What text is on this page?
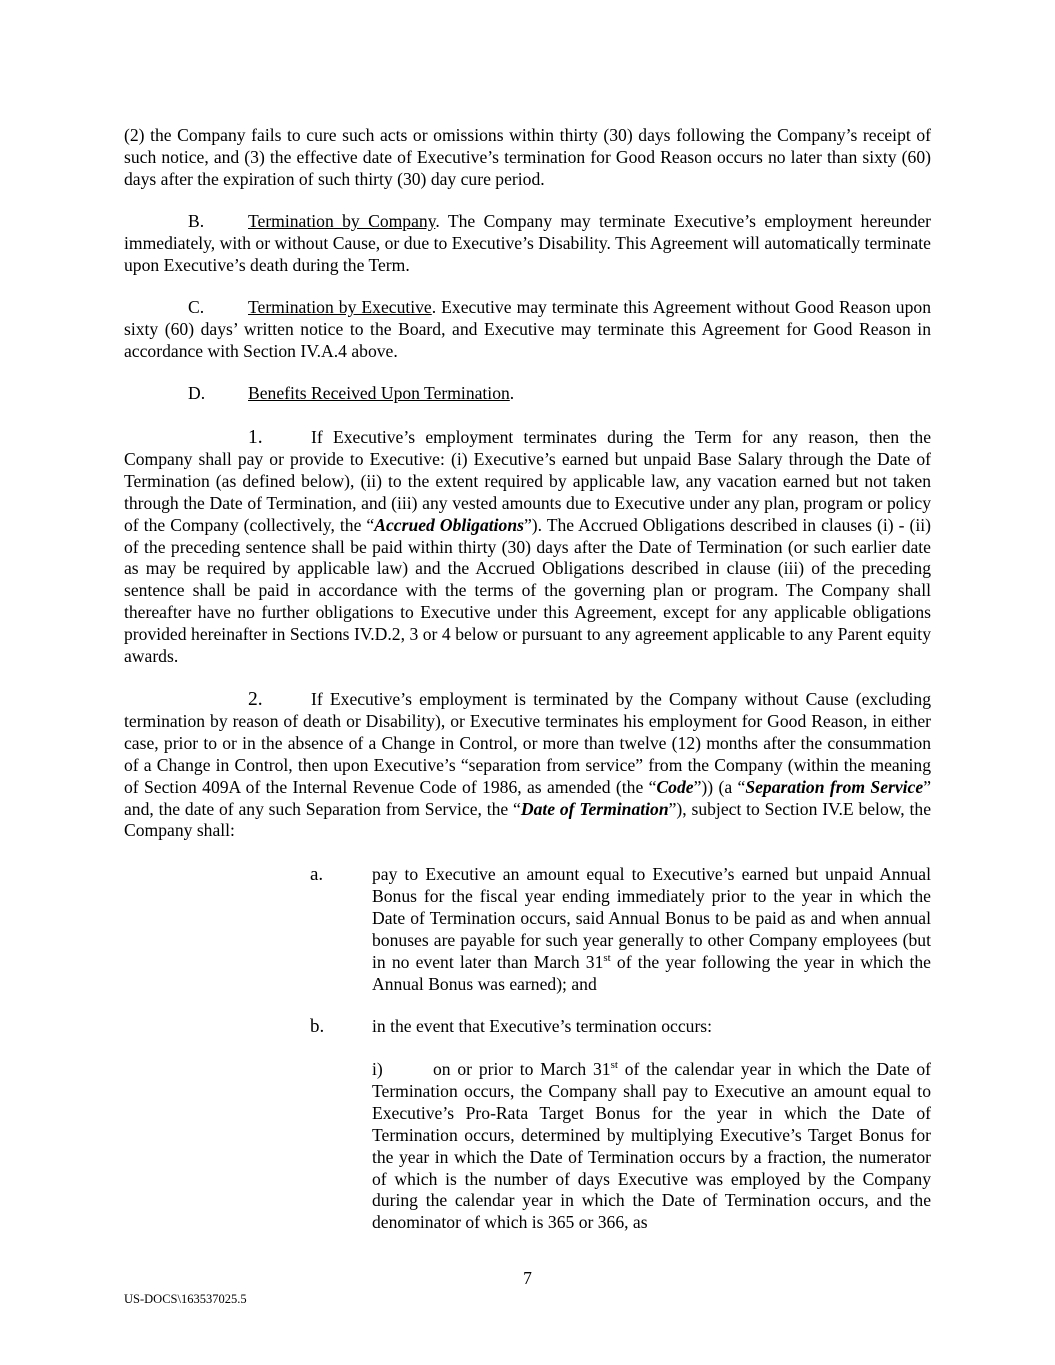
(2) the Company fails to cure such acts or omissions within thirty (30) days following the Company’s receipt of such notice, and (3) the effective date of Executive’s termination for Good Reason occurs no later than sixty (60) days after the expiration of such thirty (30) day cure period.

B. Termination by Company. The Company may terminate Executive’s employment hereunder immediately, with or without Cause, or due to Executive’s Disability. This Agreement will automatically terminate upon Executive’s death during the Term.

C. Termination by Executive. Executive may terminate this Agreement without Good Reason upon sixty (60) days’ written notice to the Board, and Executive may terminate this Agreement for Good Reason in accordance with Section IV.A.4 above.

D. Benefits Received Upon Termination.

1.	If Executive’s employment terminates during the Term for any reason, then the Company shall pay or provide to Executive: (i) Executive’s earned but unpaid Base Salary through the Date of Termination (as defined below), (ii) to the extent required by applicable law, any vacation earned but not taken through the Date of Termination, and (iii) any vested amounts due to Executive under any plan, program or policy of the Company (collectively, the “Accrued Obligations”). The Accrued Obligations described in clauses (i) - (ii) of the preceding sentence shall be paid within thirty (30) days after the Date of Termination (or such earlier date as may be required by applicable law) and the Accrued Obligations described in clause (iii) of the preceding sentence shall be paid in accordance with the terms of the governing plan or program. The Company shall thereafter have no further obligations to Executive under this Agreement, except for any applicable obligations provided hereinafter in Sections IV.D.2, 3 or 4 below or pursuant to any agreement applicable to any Parent equity awards.

2.	If Executive’s employment is terminated by the Company without Cause (excluding termination by reason of death or Disability), or Executive terminates his employment for Good Reason, in either case, prior to or in the absence of a Change in Control, or more than twelve (12) months after the consummation of a Change in Control, then upon Executive’s “separation from service” from the Company (within the meaning of Section 409A of the Internal Revenue Code of 1986, as amended (the “Code”)) (a “Separation from Service” and, the date of any such Separation from Service, the “Date of Termination”), subject to Section IV.E below, the Company shall:

a.	pay to Executive an amount equal to Executive’s earned but unpaid Annual Bonus for the fiscal year ending immediately prior to the year in which the Date of Termination occurs, said Annual Bonus to be paid as and when annual bonuses are payable for such year generally to other Company employees (but in no event later than March 31st of the year following the year in which the Annual Bonus was earned); and

b.	in the event that Executive’s termination occurs:

i)	on or prior to March 31st of the calendar year in which the Date of Termination occurs, the Company shall pay to Executive an amount equal to Executive’s Pro-Rata Target Bonus for the year in which the Date of Termination occurs, determined by multiplying Executive’s Target Bonus for the year in which the Date of Termination occurs by a fraction, the numerator of which is the number of days Executive was employed by the Company during the calendar year in which the Date of Termination occurs, and the denominator of which is 365 or 366, as

7

US-DOCS\163537025.5
